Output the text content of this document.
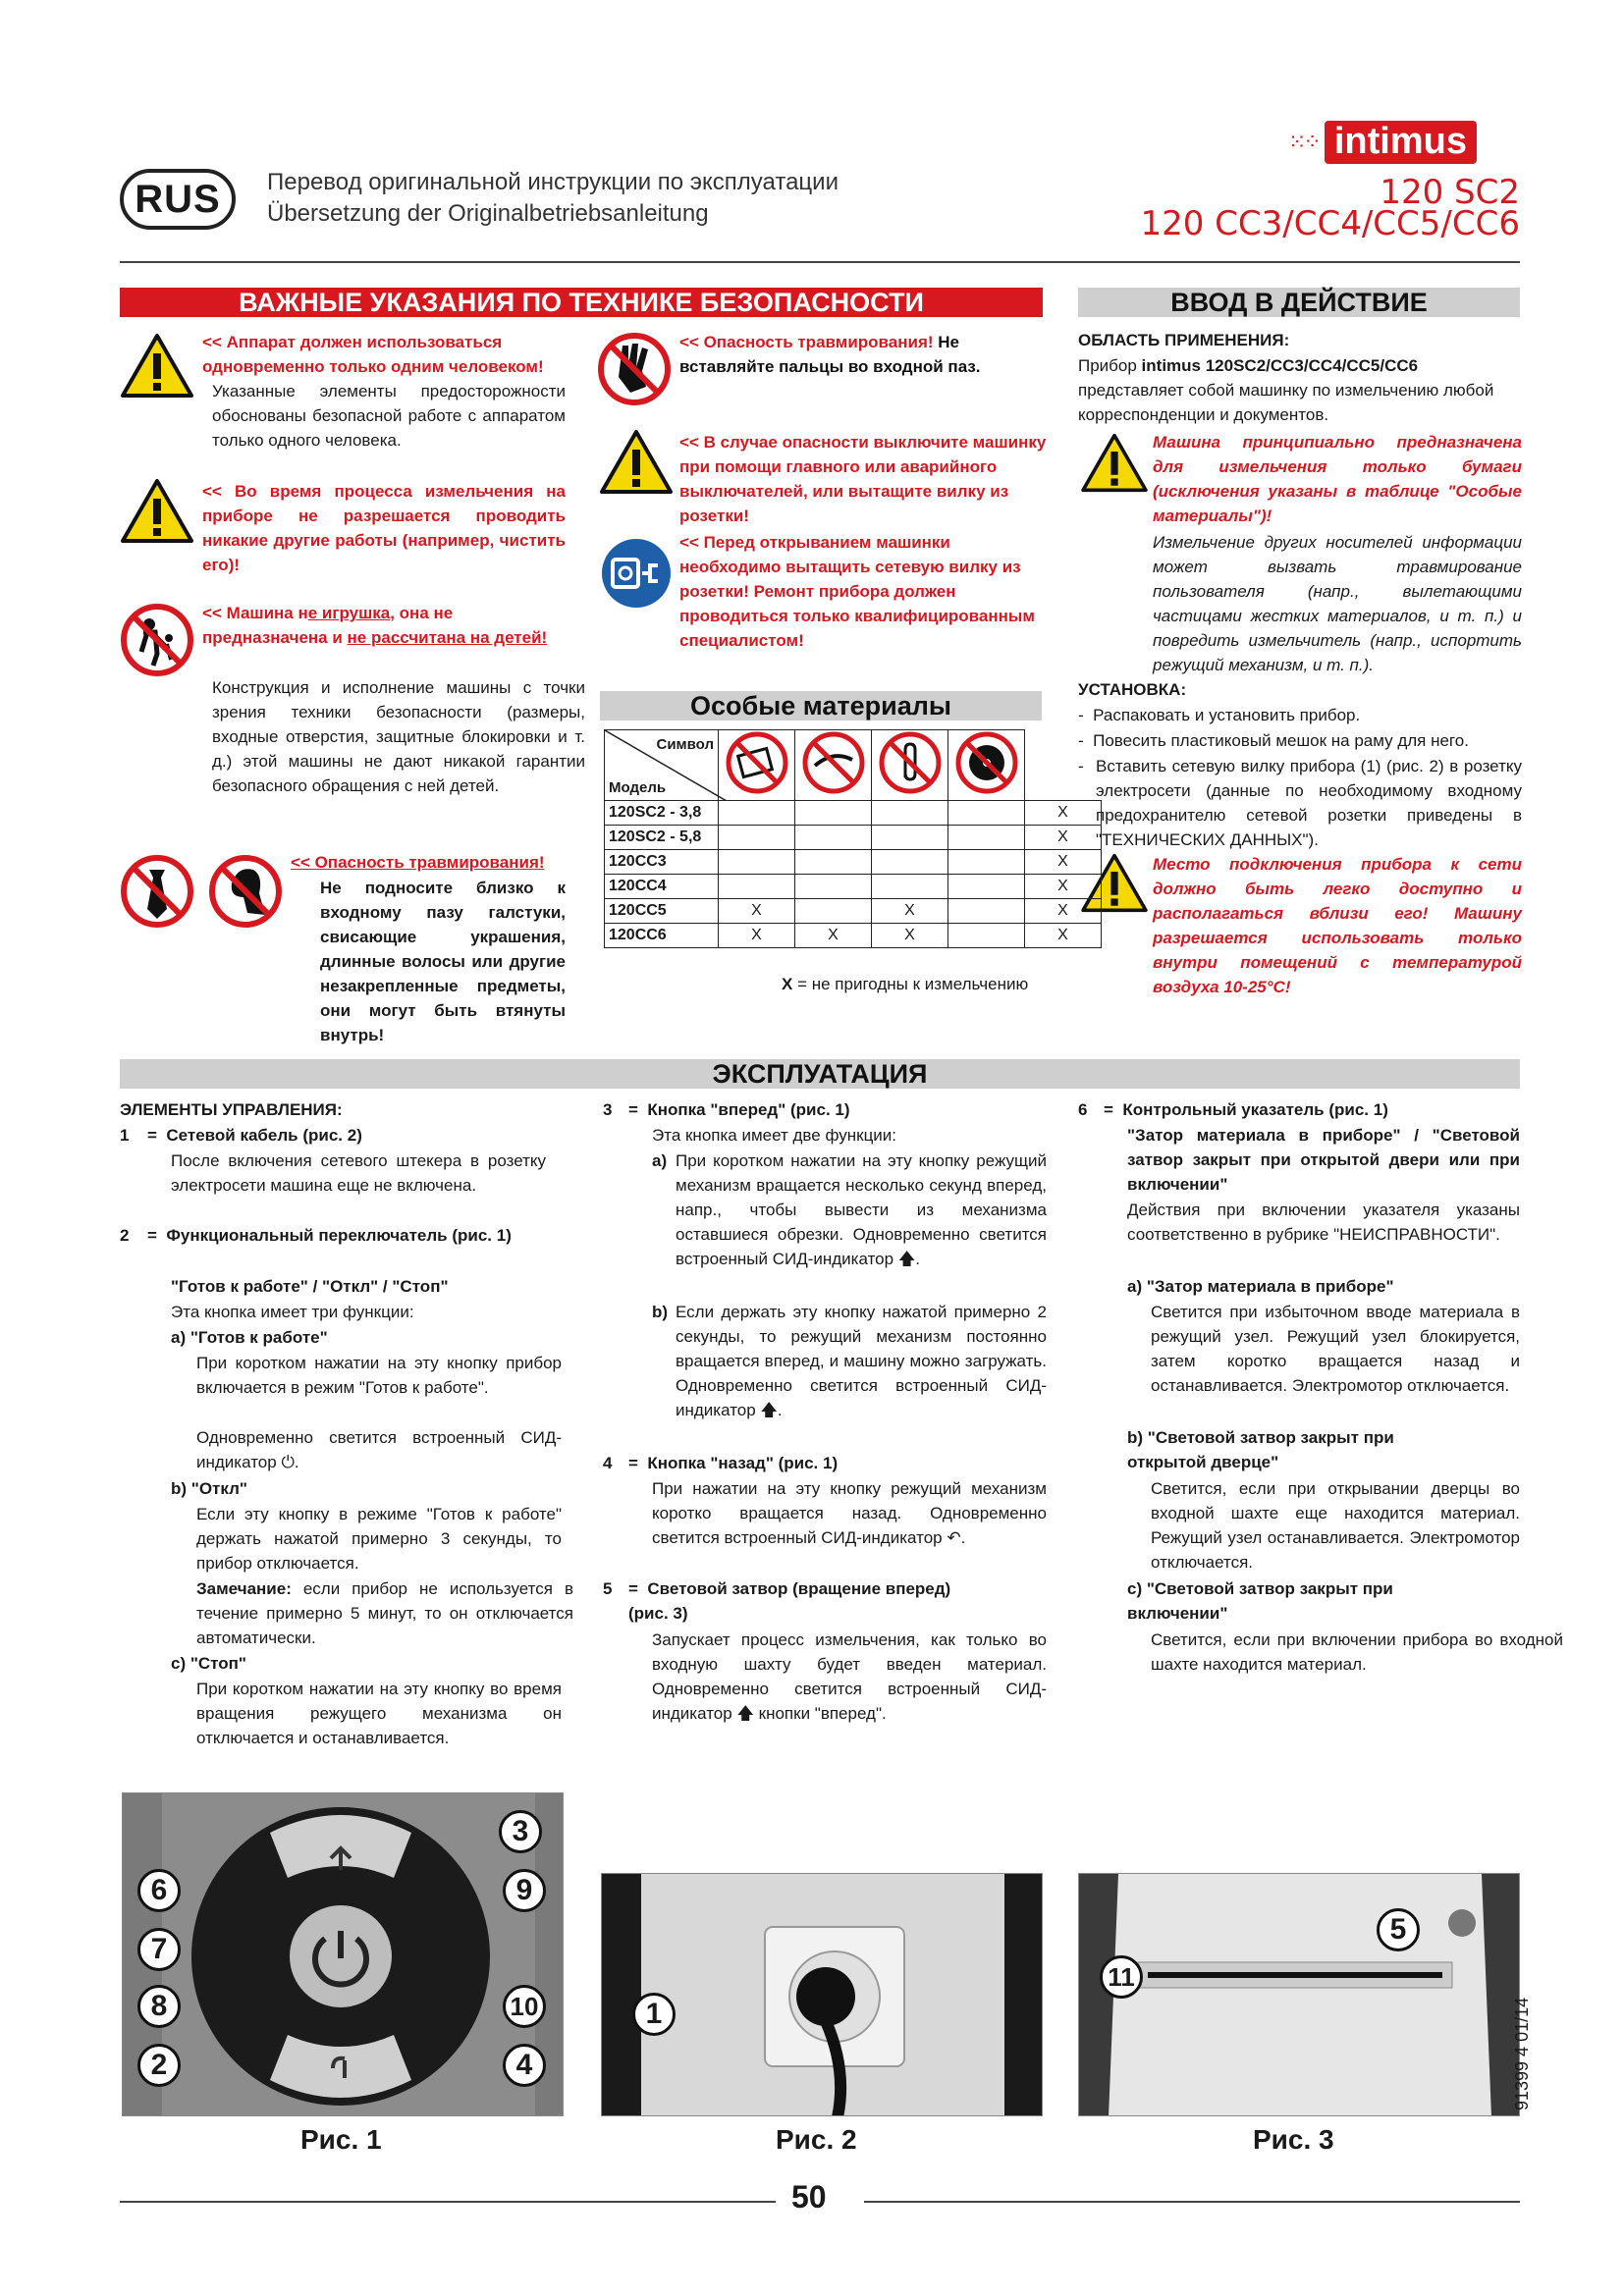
RUS	Перевод оригинальной инструкции по эксплуатации
Übersetzung der Originalbetriebsanleitung
⁙⁘ intimus
120 SC2
120 CC3/CC4/CC5/CC6
ВАЖНЫЕ УКАЗАНИЯ ПО ТЕХНИКЕ БЕЗОПАСНОСТИ	ВВОД В ДЕЙСТВИЕ
Особые материалы
ЭКСПЛУАТАЦИЯ
<< Аппарат должен использоваться одновременно только одним человеком!
Указанные элементы предосторожности обоснованы безопасной работе с аппаратом только одного человека.
<< Во время процесса измельчения на приборе не разрешается проводить никакие другие работы (например, чистить его)!
<< Машина не игрушка, она не предназначена и не рассчитана на детей!
Конструкция и исполнение машины с точки зрения техники безопасности (размеры, входные отверстия, защитные блокировки и т. д.) этой машины не дают никакой гарантии безопасного обращения с ней детей.
<< Опасность травмирования!
Не подносите близко к входному пазу галстуки, свисающие украшения, длинные волосы или другие незакрепленные предметы, они могут быть втянуты внутрь!
<< Опасность травмирования! Не вставляйте пальцы во входной паз.
<< В случае опасности выключите машинку при помощи главного или аварийного выключателей, или вытащите вилку из розетки!
<< Перед открыванием машинки необходимо вытащить сетевую вилку из розетки! Ремонт прибора должен проводиться только квалифицированным специалистом!
Символ
Модель

120SC2 - 3,8					X
120SC2 - 5,8					X
120CC3					X
120CC4					X
120CC5	X		X		X
120CC6	X	X	X		X
X = не пригодны к измельчению
ОБЛАСТЬ ПРИМЕНЕНИЯ:
Прибор intimus 120SC2/CC3/CC4/CC5/CC6 представляет собой машинку по измельчению любой корреспонденции и документов.
Машина принципиально предназначена для измельчения только бумаги (исключения указаны в таблице "Особые материалы")!
Измельчение других носителей информации может вызвать травмирование пользователя (напр., вылетающими частицами жестких материалов, и т. п.) и повредить измельчитель (напр., испортить режущий механизм, и т. п.).
УСТАНОВКА:
-  Распаковать и установить прибор.
-  Повесить пластиковый мешок на раму для него.
- Вставить сетевую вилку прибора (1) (рис. 2) в розетку электросети (данные по необходимому входному предохранителю сетевой розетки приведены в "ТЕХНИЧЕСКИХ ДАННЫХ").
Место подключения прибора к сети должно быть легко доступно и располагаться вблизи его! Машину разрешается использовать только внутри помещений с температурой воздуха 10-25°C!
ЭЛЕМЕНТЫ УПРАВЛЕНИЯ:
1 =  Сетевой кабель (рис. 2)
После включения сетевого штекера в розетку электросети машина еще не включена.
2 =  Функциональный переключатель (рис. 1)
"Готов к работе" / "Откл" / "Стоп"
Эта кнопка имеет три функции:
a) "Готов к работе"
При коротком нажатии на эту кнопку прибор включается в режим "Готов к работе".
Одновременно светится встроенный СИД-индикатор ⏻.
b) "Откл"
Если эту кнопку в режиме "Готов к работе" держать нажатой примерно 3 секунды, то прибор отключается.
Замечание: если прибор не используется в течение примерно 5 минут, то он отключается автоматически.
c) "Стоп"
При коротком нажатии на эту кнопку во время вращения режущего механизма он отключается и останавливается.
3 =  Кнопка "вперед" (рис. 1)
Эта кнопка имеет две функции:
a) При коротком нажатии на эту кнопку режущий механизм вращается несколько секунд вперед, напр., чтобы вывести из механизма оставшиеся обрезки. Одновременно светится встроенный СИД-индикатор 🡅.
b) Если держать эту кнопку нажатой примерно 2 секунды, то режущий механизм постоянно вращается вперед, и машину можно загружать. Одновременно светится встроенный СИД-индикатор 🡅.
4 =  Кнопка "назад" (рис. 1)
При нажатии на эту кнопку режущий механизм коротко вращается назад. Одновременно светится встроенный СИД-индикатор ↶.
5 =  Световой затвор (вращение вперед) (рис. 3)
Запускает процесс измельчения, как только во входную шахту будет введен материал. Одновременно светится встроенный СИД-индикатор 🡅 кнопки "вперед".
6 =  Контрольный указатель (рис. 1)
"Затор материала в приборе" / "Световой затвор закрыт при открытой двери или при включении"
Действия при включении указателя указаны соответственно в рубрике "НЕИСПРАВНОСТИ".
a) "Затор материала в приборе"
Светится при избыточном вводе материала в режущий узел. Режущий узел блокируется, затем коротко вращается назад и останавливается. Электромотор отключается.
b) "Световой затвор закрыт при открытой дверце"
Светится, если при открывании дверцы во входной шахте еще находится материал. Режущий узел останавливается. Электромотор отключается.
c) "Световой затвор закрыт при включении"
Светится, если при включении прибора во входной шахте находится материал.
3
6	9
7
8	10
2	4
Рис. 1
1
Рис. 2
5
11
Рис. 3
50
91399 4 01/14
